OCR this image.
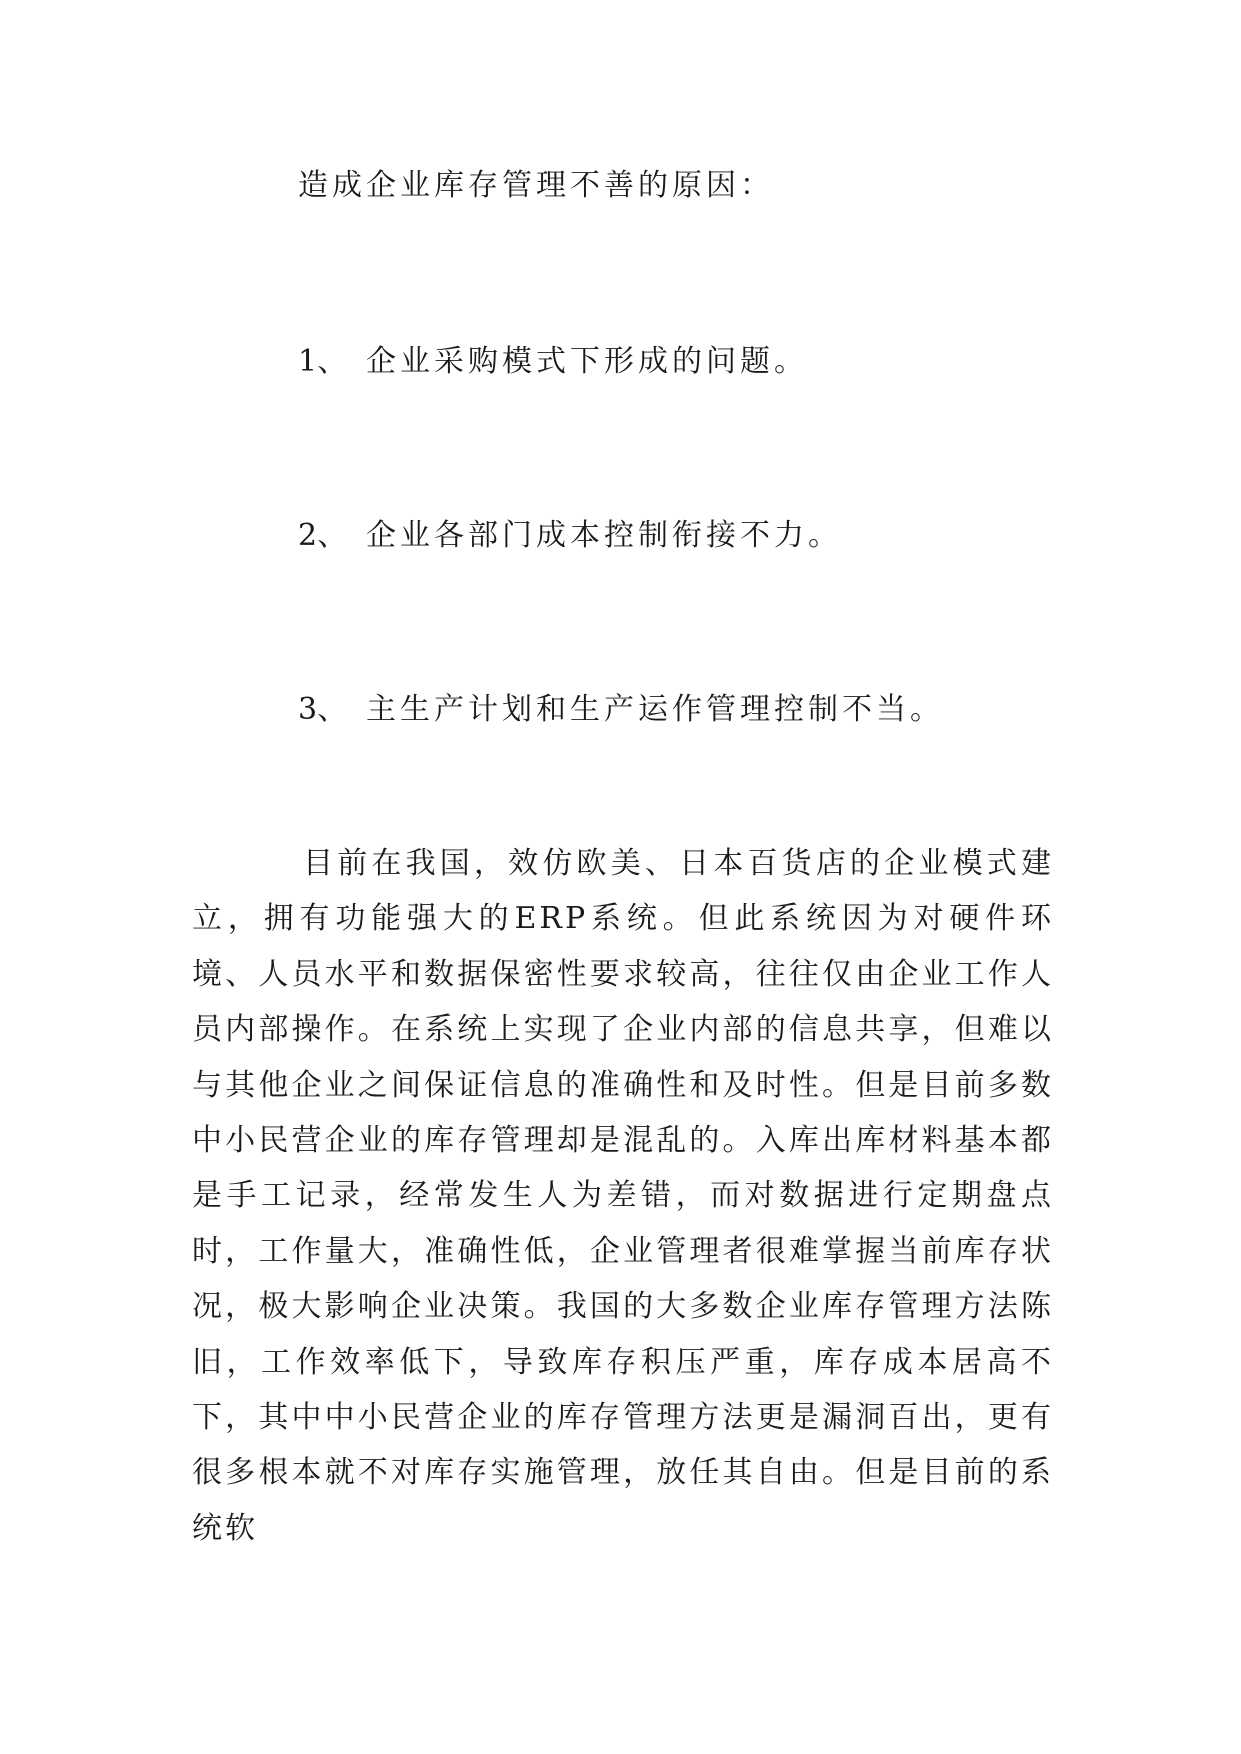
造成企业库存管理不善的原因：
1、 企业采购模式下形成的问题。
2、 企业各部门成本控制衔接不力。
3、 主生产计划和生产运作管理控制不当。

目前在我国，效仿欧美、日本百货店的企业模式建立，拥有功能强大的ERP系统。但此系统因为对硬件环境、人员水平和数据保密性要求较高，往往仅由企业工作人员内部操作。在系统上实现了企业内部的信息共享，但难以与其他企业之间保证信息的准确性和及时性。但是目前多数中小民营企业的库存管理却是混乱的。入库出库材料基本都是手工记录，经常发生人为差错，而对数据进行定期盘点时，工作量大，准确性低，企业管理者很难掌握当前库存状况，极大影响企业决策。我国的大多数企业库存管理方法陈旧，工作效率低下，导致库存积压严重，库存成本居高不下，其中中小民营企业的库存管理方法更是漏洞百出，更有很多根本就不对库存实施管理，放任其自由。但是目前的系统软
